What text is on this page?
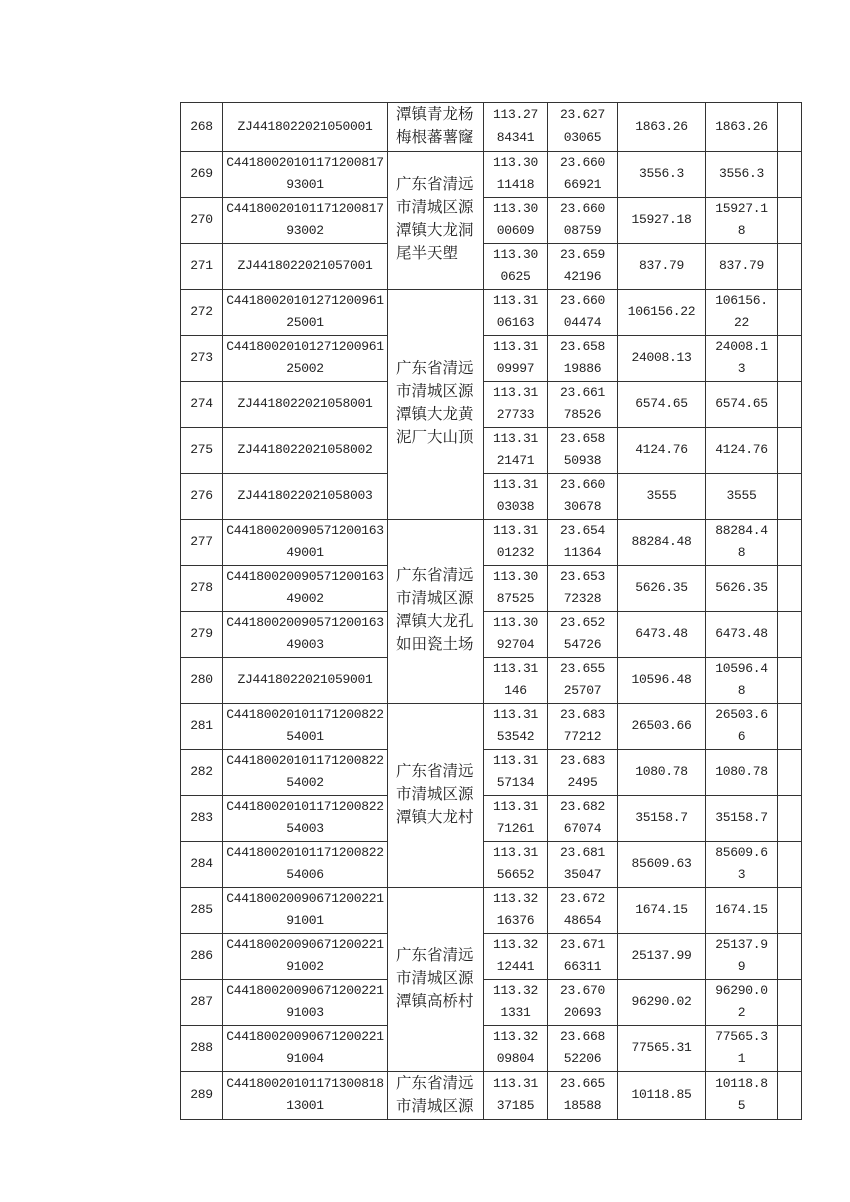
268	ZJ4418022021050001	潭镇青龙杨梅根蕃薯窿	113.2784341	23.62703065	1863.26	1863.26	
269	C4418002010117120081793001	广东省清远市清城区源潭镇大龙洞尾半天塱	113.3011418	23.66066921	3556.3	3556.3	
270	C4418002010117120081793002		113.3000609	23.66008759	15927.18	15927.18	
271	ZJ4418022021057001		113.300625	23.65942196	837.79	837.79	
272	C4418002010127120096125001	广东省清远市清城区源潭镇大龙黄泥厂大山顶	113.3106163	23.66004474	106156.22	106156.22	
273	C4418002010127120096125002		113.3109997	23.65819886	24008.13	24008.13	
274	ZJ4418022021058001		113.3127733	23.66178526	6574.65	6574.65	
275	ZJ4418022021058002		113.3121471	23.65850938	4124.76	4124.76	
276	ZJ4418022021058003		113.3103038	23.66030678	3555	3555	
277	C4418002009057120016349001	广东省清远市清城区源潭镇大龙孔如田瓷土场	113.3101232	23.65411364	88284.48	88284.48	
278	C4418002009057120016349002		113.3087525	23.65372328	5626.35	5626.35	
279	C4418002009057120016349003		113.3092704	23.65254726	6473.48	6473.48	
280	ZJ4418022021059001		113.31146	23.65525707	10596.48	10596.48	
281	C4418002010117120082254001	广东省清远市清城区源潭镇大龙村	113.3153542	23.68377212	26503.66	26503.66	
282	C4418002010117120082254002		113.3157134	23.6832495	1080.78	1080.78	
283	C4418002010117120082254003		113.3171261	23.68267074	35158.7	35158.7	
284	C4418002010117120082254006		113.3156652	23.68135047	85609.63	85609.63	
285	C4418002009067120022191001	广东省清远市清城区源潭镇高桥村	113.3216376	23.67248654	1674.15	1674.15	
286	C4418002009067120022191002		113.3212441	23.67166311	25137.99	25137.99	
287	C4418002009067120022191003		113.321331	23.67020693	96290.02	96290.02	
288	C4418002009067120022191004		113.3209804	23.66852206	77565.31	77565.31	
289	C4418002010117130081813001	广东省清远市清城区源	113.3137185	23.66518588	10118.85	10118.85	
